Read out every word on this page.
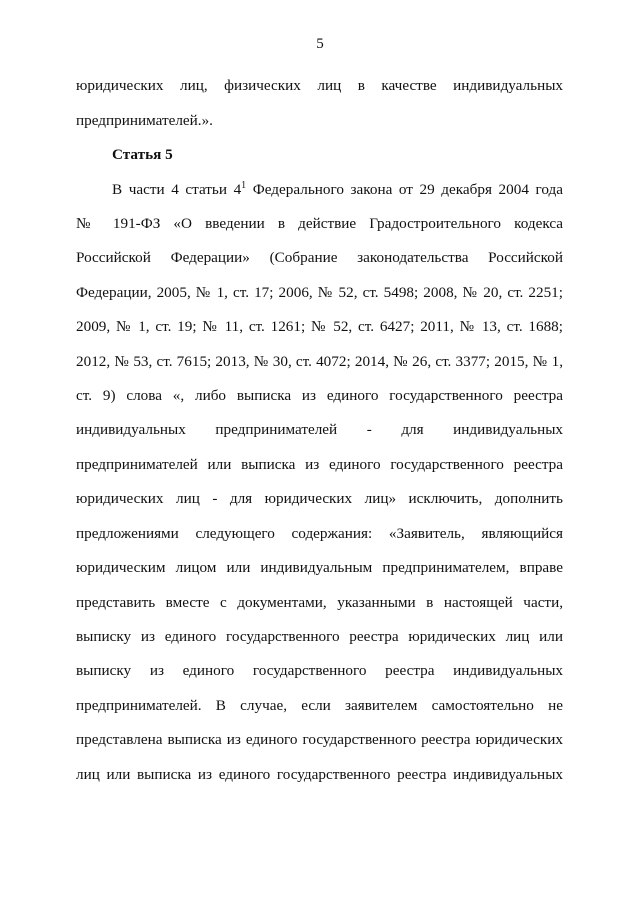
5
юридических лиц, физических лиц в качестве индивидуальных
предпринимателей.».
Статья 5
В части 4 статьи $4^1$ Федерального закона от 29 декабря 2004 года
№ 191-ФЗ «О введении в действие Градостроительного кодекса
Российской Федерации» (Собрание законодательства Российской
Федерации, 2005, № 1, ст. 17; 2006, № 52, ст. 5498; 2008, № 20, ст. 2251;
2009, № 1, ст. 19; № 11, ст. 1261; № 52, ст. 6427; 2011, № 13, ст. 1688;
2012, № 53, ст. 7615; 2013, № 30, ст. 4072; 2014, № 26, ст. 3377; 2015, № 1,
ст. 9) слова «, либо выписка из единого государственного реестра
индивидуальных предпринимателей - для индивидуальных
предпринимателей или выписка из единого государственного реестра
юридических лиц - для юридических лиц» исключить, дополнить
предложениями следующего содержания: «Заявитель, являющийся
юридическим лицом или индивидуальным предпринимателем, вправе
представить вместе с документами, указанными в настоящей части,
выписку из единого государственного реестра юридических лиц или
выписку из единого государственного реестра индивидуальных
предпринимателей. В случае, если заявителем самостоятельно не
представлена выписка из единого государственного реестра юридических
лиц или выписка из единого государственного реестра индивидуальных
